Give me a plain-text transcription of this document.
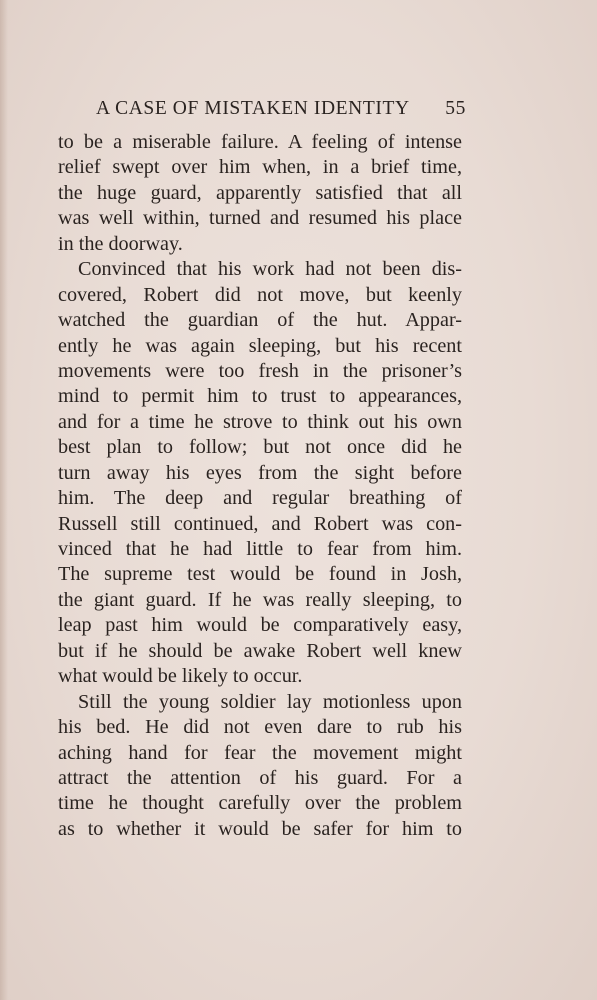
A CASE OF MISTAKEN IDENTITY 55
to be a miserable failure. A feeling of intense
relief swept over him when, in a brief time,
the huge guard, apparently satisfied that all
was well within, turned and resumed his place
in the doorway.
Convinced that his work had not been dis-
covered, Robert did not move, but keenly
watched the guardian of the hut. Appar-
ently he was again sleeping, but his recent
movements were too fresh in the prisoner’s
mind to permit him to trust to appearances,
and for a time he strove to think out his own
best plan to follow; but not once did he
turn away his eyes from the sight before
him. The deep and regular breathing of
Russell still continued, and Robert was con-
vinced that he had little to fear from him.
The supreme test would be found in Josh,
the giant guard. If he was really sleeping, to
leap past him would be comparatively easy,
but if he should be awake Robert well knew
what would be likely to occur.
Still the young soldier lay motionless upon
his bed. He did not even dare to rub his
aching hand for fear the movement might
attract the attention of his guard. For a
time he thought carefully over the problem
as to whether it would be safer for him to
